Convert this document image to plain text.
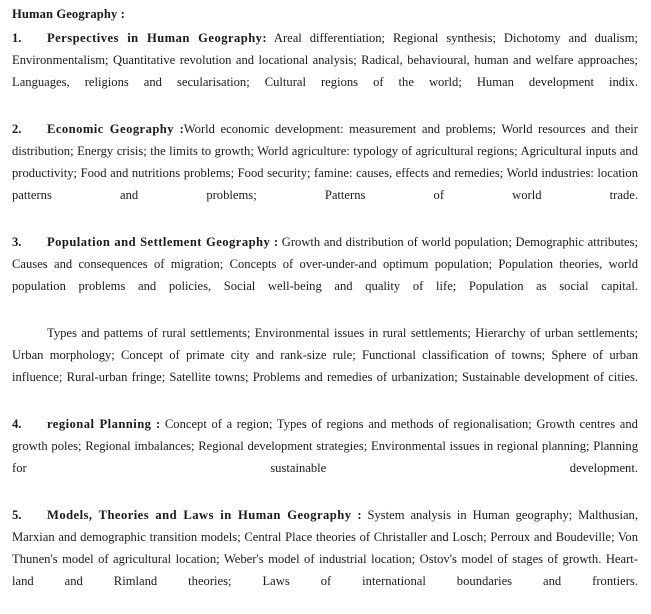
Human Geography :

1. Perspectives in Human Geography: Areal differentiation; Regional synthesis; Dichotomy and dualism; Environmentalism; Quantitative revolution and locational analysis; Radical, behavioural, human and welfare approaches; Languages, religions and secularisation; Cultural regions of the world; Human development indix.

2. Economic Geography :World economic development: measurement and problems; World resources and their distribution; Energy crisis; the limits to growth; World agriculture: typology of agricultural regions; Agricultural inputs and productivity; Food and nutritions problems; Food security; famine: causes, effects and remedies; World industries: location patterns and problems; Patterns of world trade.

3. Population and Settlement Geography : Growth and distribution of world population; Demographic attributes; Causes and consequences of migration; Concepts of over-under-and optimum population; Population theories, world population problems and policies, Social well-being and quality of life; Population as social capital.

Types and pattems of rural settlements; Environmental issues in rural settlements; Hierarchy of urban settlements; Urban morphology; Concept of primate city and rank-size rule; Functional classification of towns; Sphere of urban influence; Rural-urban fringe; Satellite towns; Problems and remedies of urbanization; Sustainable development of cities.

4. regional Planning : Concept of a region; Types of regions and methods of regionalisation; Growth centres and growth poles; Regional imbalances; Regional development strategies; Environmental issues in regional planning; Planning for sustainable development.

5. Models, Theories and Laws in Human Geography : System analysis in Human geography; Malthusian, Marxian and demographic transition models; Central Place theories of Christaller and Losch; Perroux and Boudeville; Von Thunen's model of agricultural location; Weber's model of industrial location; Ostov's model of stages of growth. Heart-land and Rimland theories; Laws of international boundaries and frontiers.
